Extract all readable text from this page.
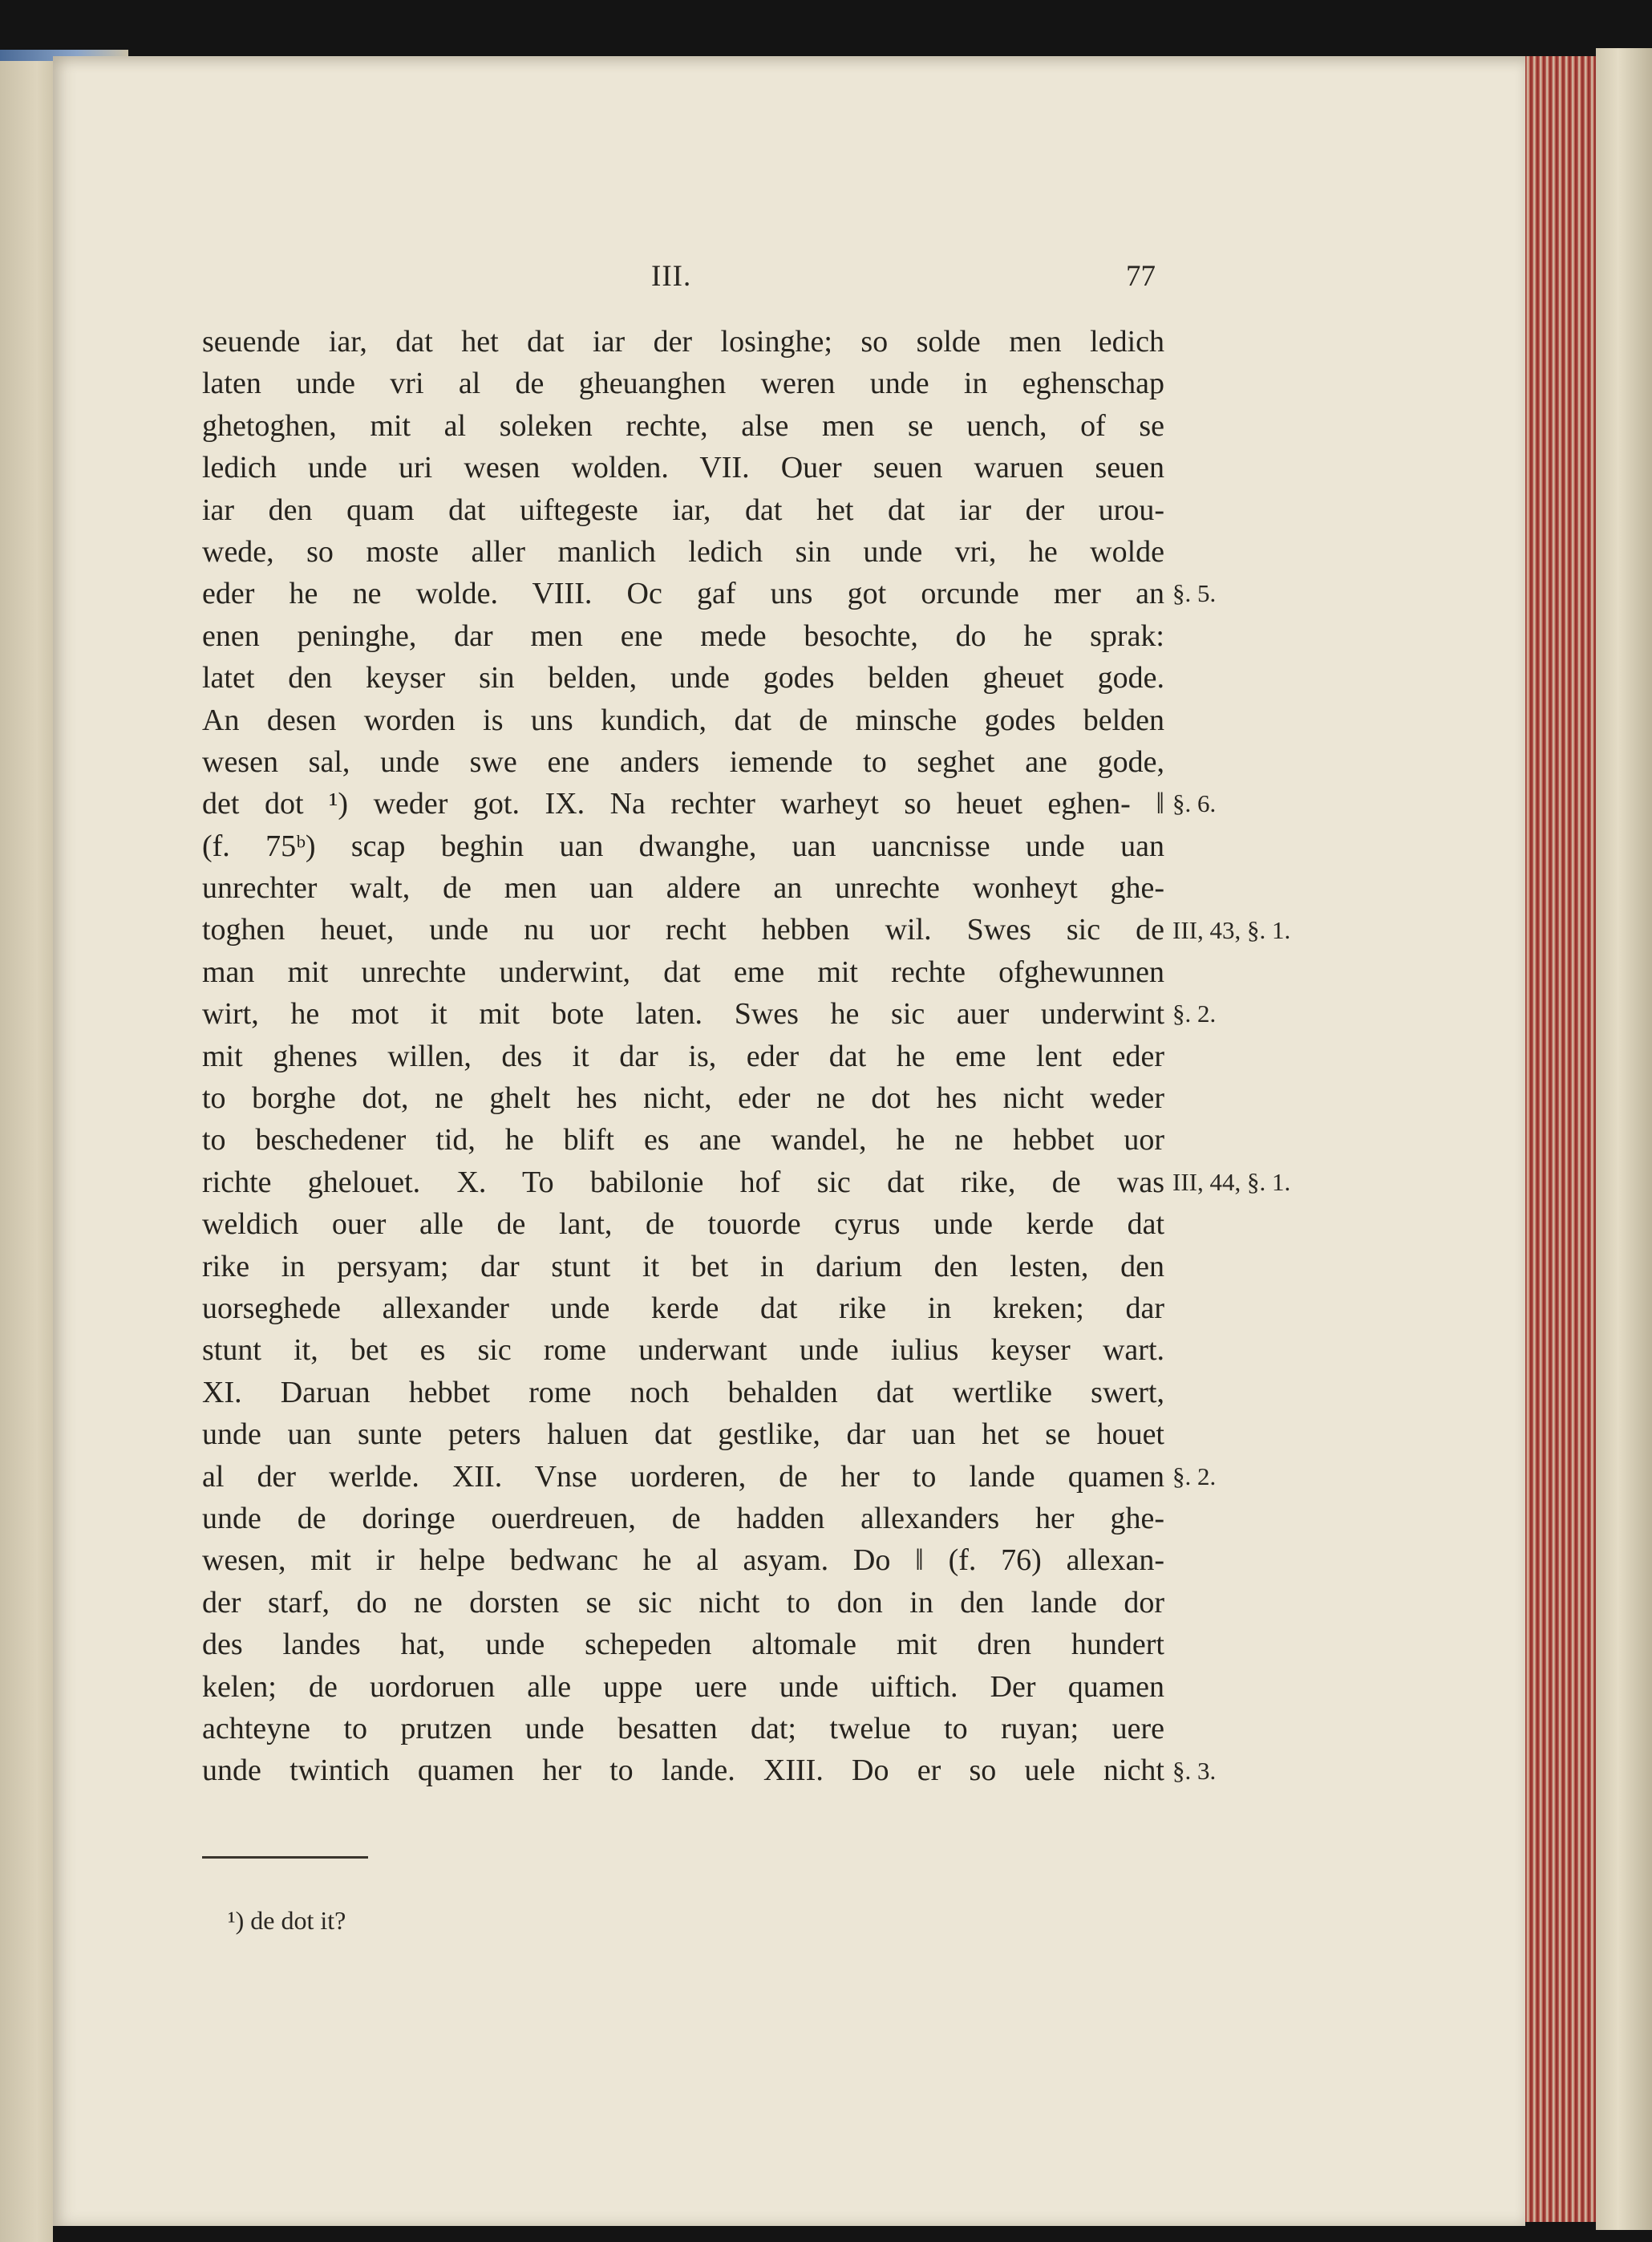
III.	77
seuende iar, dat het dat iar der losinghe; so solde men ledich
laten unde vri al de gheuanghen weren unde in eghenschap
ghetoghen, mit al soleken rechte, alse men se uench, of se
ledich unde uri wesen wolden. VII. Ouer seuen waruen seuen
iar den quam dat uiftegeste iar, dat het dat iar der urou-
wede, so moste aller manlich ledich sin unde vri, he wolde
eder he ne wolde. VIII. Oc gaf uns got orcunde mer an
enen peninghe, dar men ene mede besochte, do he sprak:
latet den keyser sin belden, unde godes belden gheuet gode.
An desen worden is uns kundich, dat de minsche godes belden
wesen sal, unde swe ene anders iemende to seghet ane gode,
det dot ¹) weder got. IX. Na rechter warheyt so heuet eghen- ‖
(f. 75ᵇ) scap beghin uan dwanghe, uan uancnisse unde uan
unrechter walt, de men uan aldere an unrechte wonheyt ghe-
toghen heuet, unde nu uor recht hebben wil. Swes sic de
man mit unrechte underwint, dat eme mit rechte ofghewunnen
wirt, he mot it mit bote laten. Swes he sic auer underwint
mit ghenes willen, des it dar is, eder dat he eme lent eder
to borghe dot, ne ghelt hes nicht, eder ne dot hes nicht weder
to beschedener tid, he blift es ane wandel, he ne hebbet uor
richte ghelouet. X. To babilonie hof sic dat rike, de was
weldich ouer alle de lant, de touorde cyrus unde kerde dat
rike in persyam; dar stunt it bet in darium den lesten, den
uorseghede allexander unde kerde dat rike in kreken; dar
stunt it, bet es sic rome underwant unde iulius keyser wart.
XI. Daruan hebbet rome noch behalden dat wertlike swert,
unde uan sunte peters haluen dat gestlike, dar uan het se houet
al der werlde. XII. Vnse uorderen, de her to lande quamen
unde de doringe ouerdreuen, de hadden allexanders her ghe-
wesen, mit ir helpe bedwanc he al asyam. Do ‖ (f. 76) allexan-
der starf, do ne dorsten se sic nicht to don in den lande dor
des landes hat, unde schepeden altomale mit dren hundert
kelen; de uordoruen alle uppe uere unde uiftich. Der quamen
achteyne to prutzen unde besatten dat; twelue to ruyan; uere
unde twintich quamen her to lande. XIII. Do er so uele nicht
§. 5.
§. 6.
III, 43, §. 1.
§. 2.
III, 44, §. 1.
§. 2.
§. 3.
¹) de dot it?
